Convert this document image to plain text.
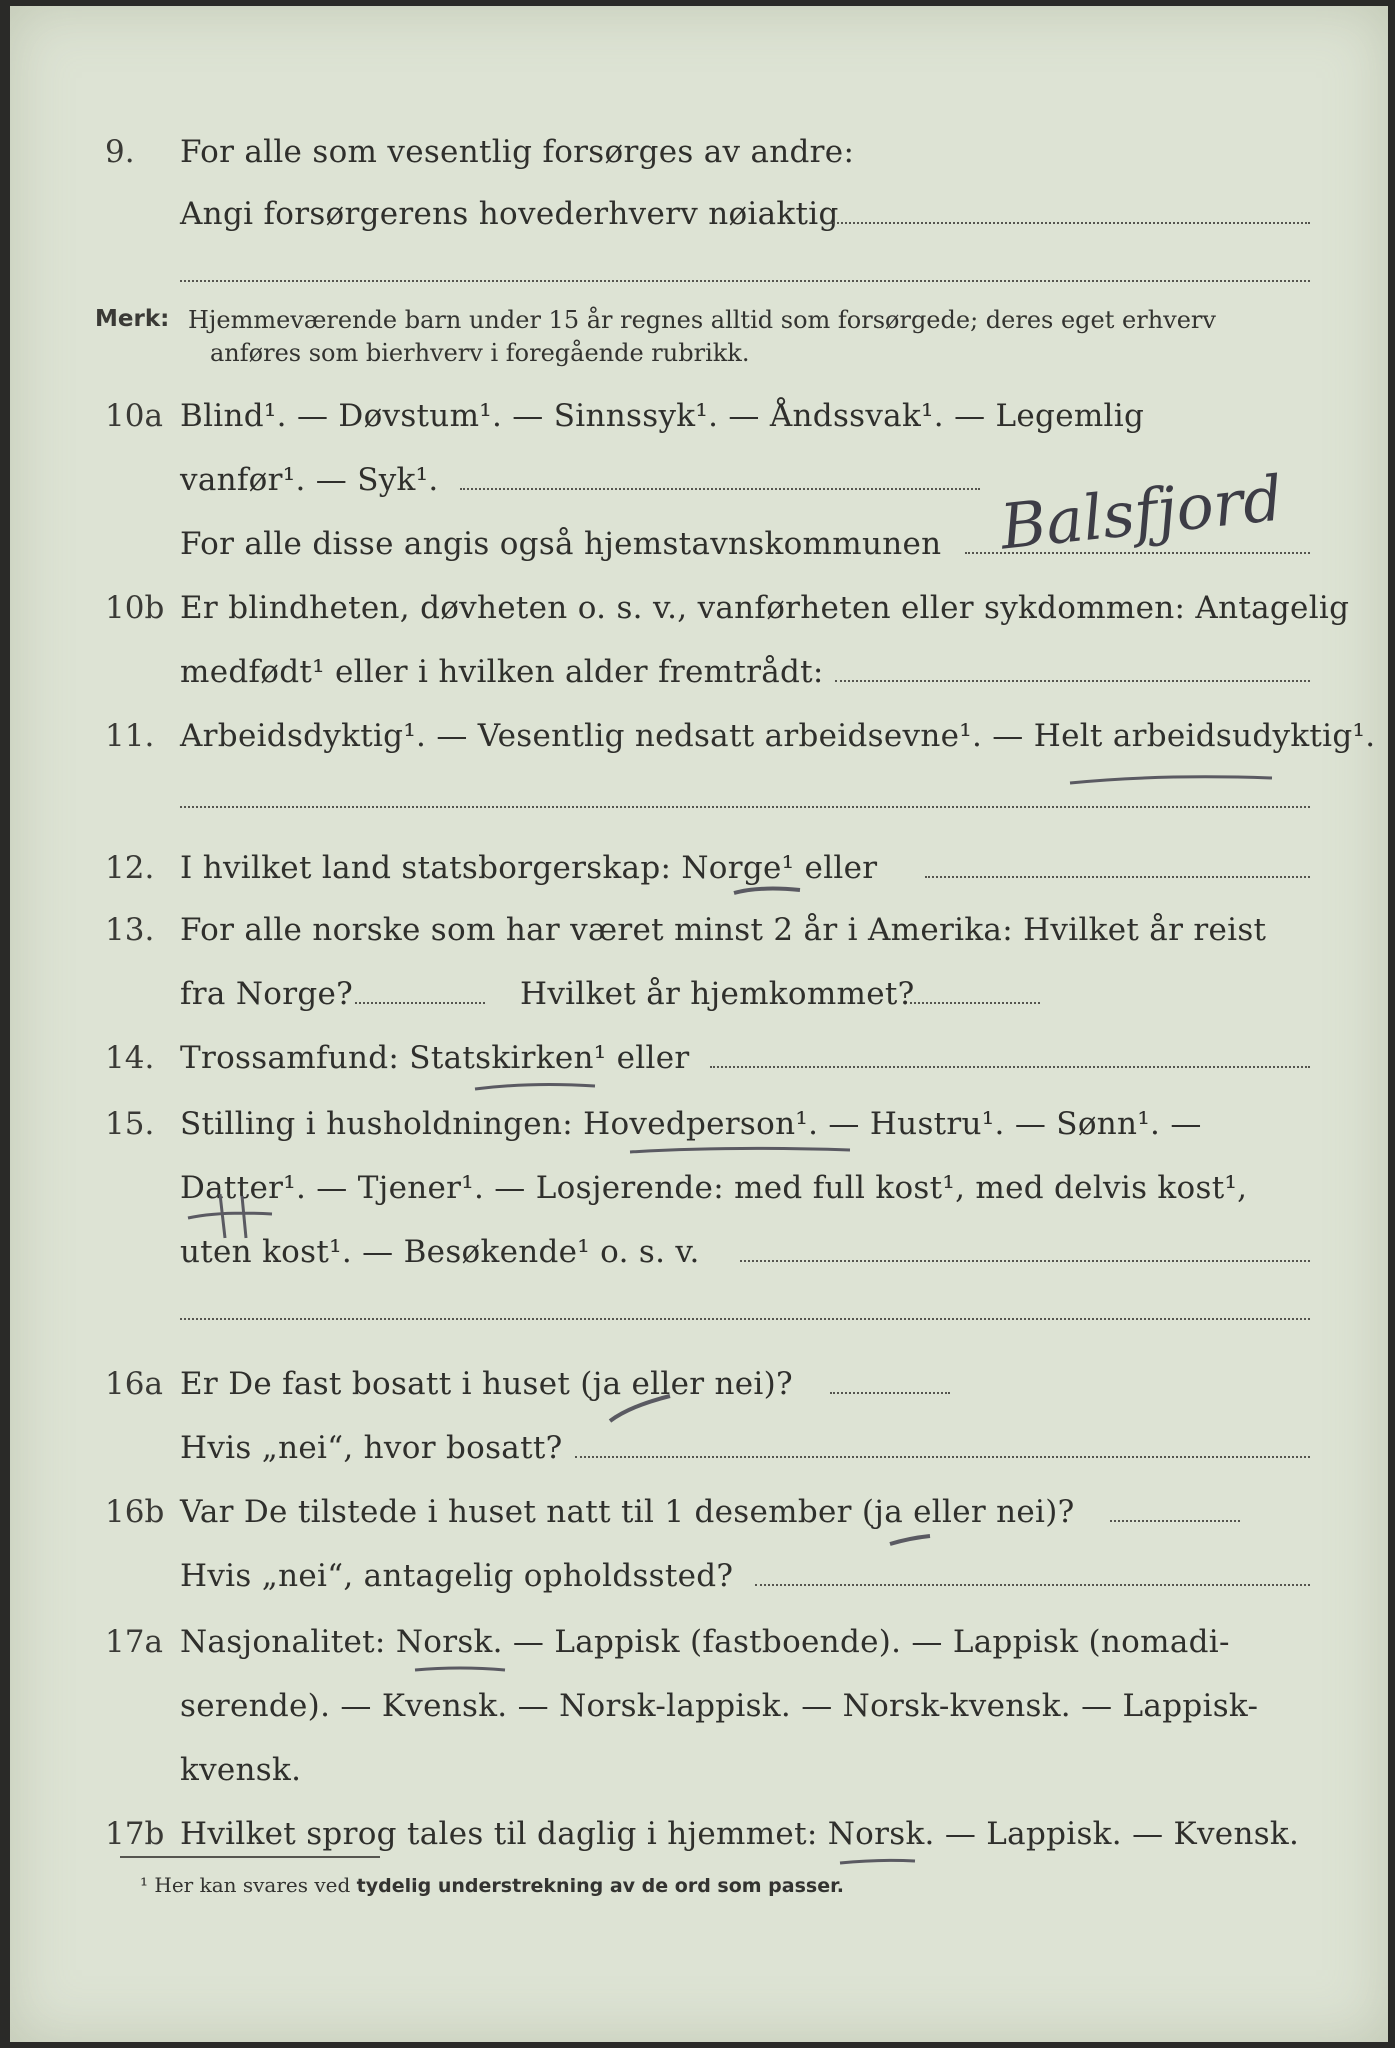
9. For alle som vesentlig forsørges av andre:
Angi forsørgerens hovederhverv nøiaktig
Merk: Hjemmeværende barn under 15 år regnes alltid som forsørgede; deres eget erhverv
anføres som bierhverv i foregående rubrikk.
10a Blind¹. — Døvstum¹. — Sinnssyk¹. — Åndssvak¹. — Legemlig
vanfør¹. — Syk¹.
For alle disse angis også hjemstavnskommunen Balsfjord
10b Er blindheten, døvheten o. s. v., vanførheten eller sykdommen: Antagelig
medfødt¹ eller i hvilken alder fremtrådt:
11. Arbeidsdyktig¹. — Vesentlig nedsatt arbeidsevne¹. — Helt arbeidsudyktig¹.
12. I hvilket land statsborgerskap: Norge¹ eller
13. For alle norske som har været minst 2 år i Amerika: Hvilket år reist
fra Norge?	Hvilket år hjemkommet?
14. Trossamfund: Statskirken¹ eller
15. Stilling i husholdningen: Hovedperson¹. — Hustru¹. — Sønn¹. —
Datter¹. — Tjener¹. — Losjerende: med full kost¹, med delvis kost¹,
uten kost¹. — Besøkende¹ o. s. v.
16a Er De fast bosatt i huset (ja eller nei)?
Hvis „nei“, hvor bosatt?
16b Var De tilstede i huset natt til 1 desember (ja eller nei)?
Hvis „nei“, antagelig opholdssted?
17a Nasjonalitet: Norsk. — Lappisk (fastboende). — Lappisk (nomadi-
serende). — Kvensk. — Norsk-lappisk. — Norsk-kvensk. — Lappisk-
kvensk.
17b Hvilket sprog tales til daglig i hjemmet: Norsk. — Lappisk. — Kvensk.
¹ Her kan svares ved tydelig understrekning av de ord som passer.
